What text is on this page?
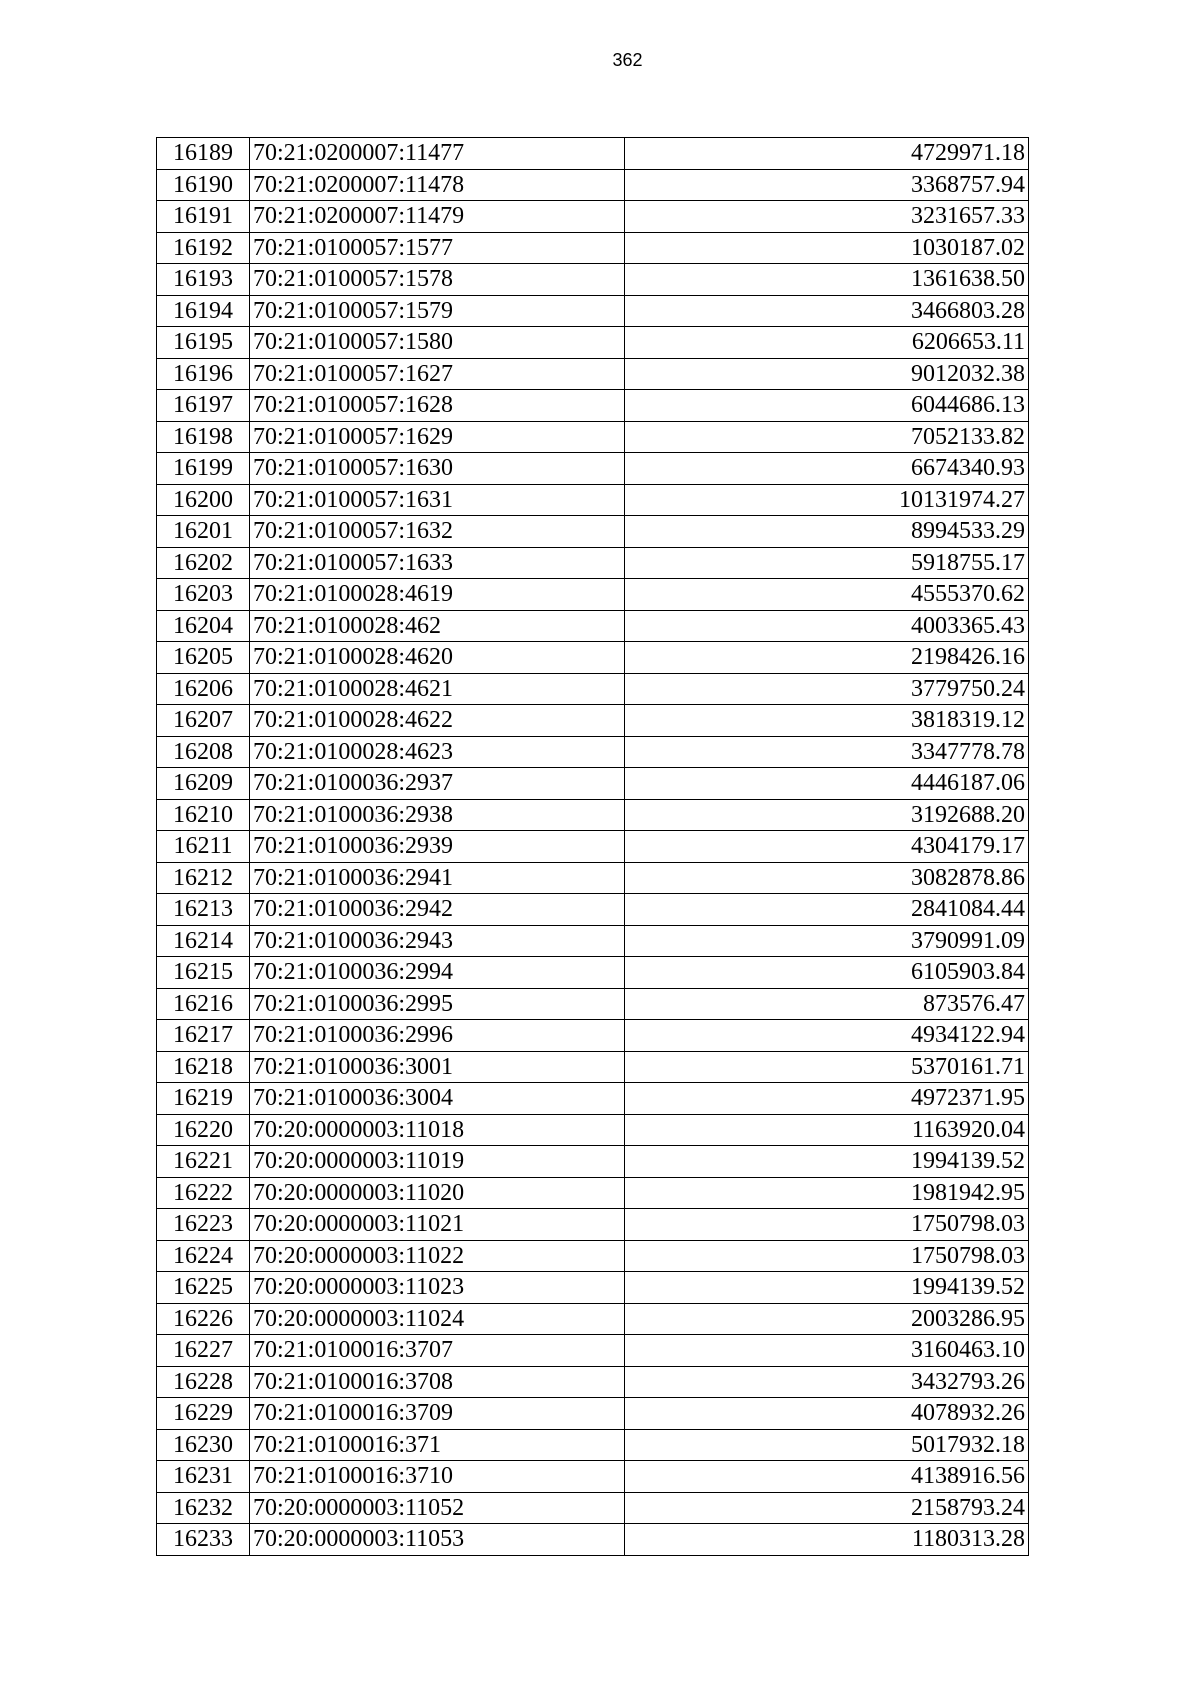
362
16189	70:21:0200007:11477	4729971.18
16190	70:21:0200007:11478	3368757.94
16191	70:21:0200007:11479	3231657.33
16192	70:21:0100057:1577	1030187.02
16193	70:21:0100057:1578	1361638.50
16194	70:21:0100057:1579	3466803.28
16195	70:21:0100057:1580	6206653.11
16196	70:21:0100057:1627	9012032.38
16197	70:21:0100057:1628	6044686.13
16198	70:21:0100057:1629	7052133.82
16199	70:21:0100057:1630	6674340.93
16200	70:21:0100057:1631	10131974.27
16201	70:21:0100057:1632	8994533.29
16202	70:21:0100057:1633	5918755.17
16203	70:21:0100028:4619	4555370.62
16204	70:21:0100028:462	4003365.43
16205	70:21:0100028:4620	2198426.16
16206	70:21:0100028:4621	3779750.24
16207	70:21:0100028:4622	3818319.12
16208	70:21:0100028:4623	3347778.78
16209	70:21:0100036:2937	4446187.06
16210	70:21:0100036:2938	3192688.20
16211	70:21:0100036:2939	4304179.17
16212	70:21:0100036:2941	3082878.86
16213	70:21:0100036:2942	2841084.44
16214	70:21:0100036:2943	3790991.09
16215	70:21:0100036:2994	6105903.84
16216	70:21:0100036:2995	873576.47
16217	70:21:0100036:2996	4934122.94
16218	70:21:0100036:3001	5370161.71
16219	70:21:0100036:3004	4972371.95
16220	70:20:0000003:11018	1163920.04
16221	70:20:0000003:11019	1994139.52
16222	70:20:0000003:11020	1981942.95
16223	70:20:0000003:11021	1750798.03
16224	70:20:0000003:11022	1750798.03
16225	70:20:0000003:11023	1994139.52
16226	70:20:0000003:11024	2003286.95
16227	70:21:0100016:3707	3160463.10
16228	70:21:0100016:3708	3432793.26
16229	70:21:0100016:3709	4078932.26
16230	70:21:0100016:371	5017932.18
16231	70:21:0100016:3710	4138916.56
16232	70:20:0000003:11052	2158793.24
16233	70:20:0000003:11053	1180313.28
